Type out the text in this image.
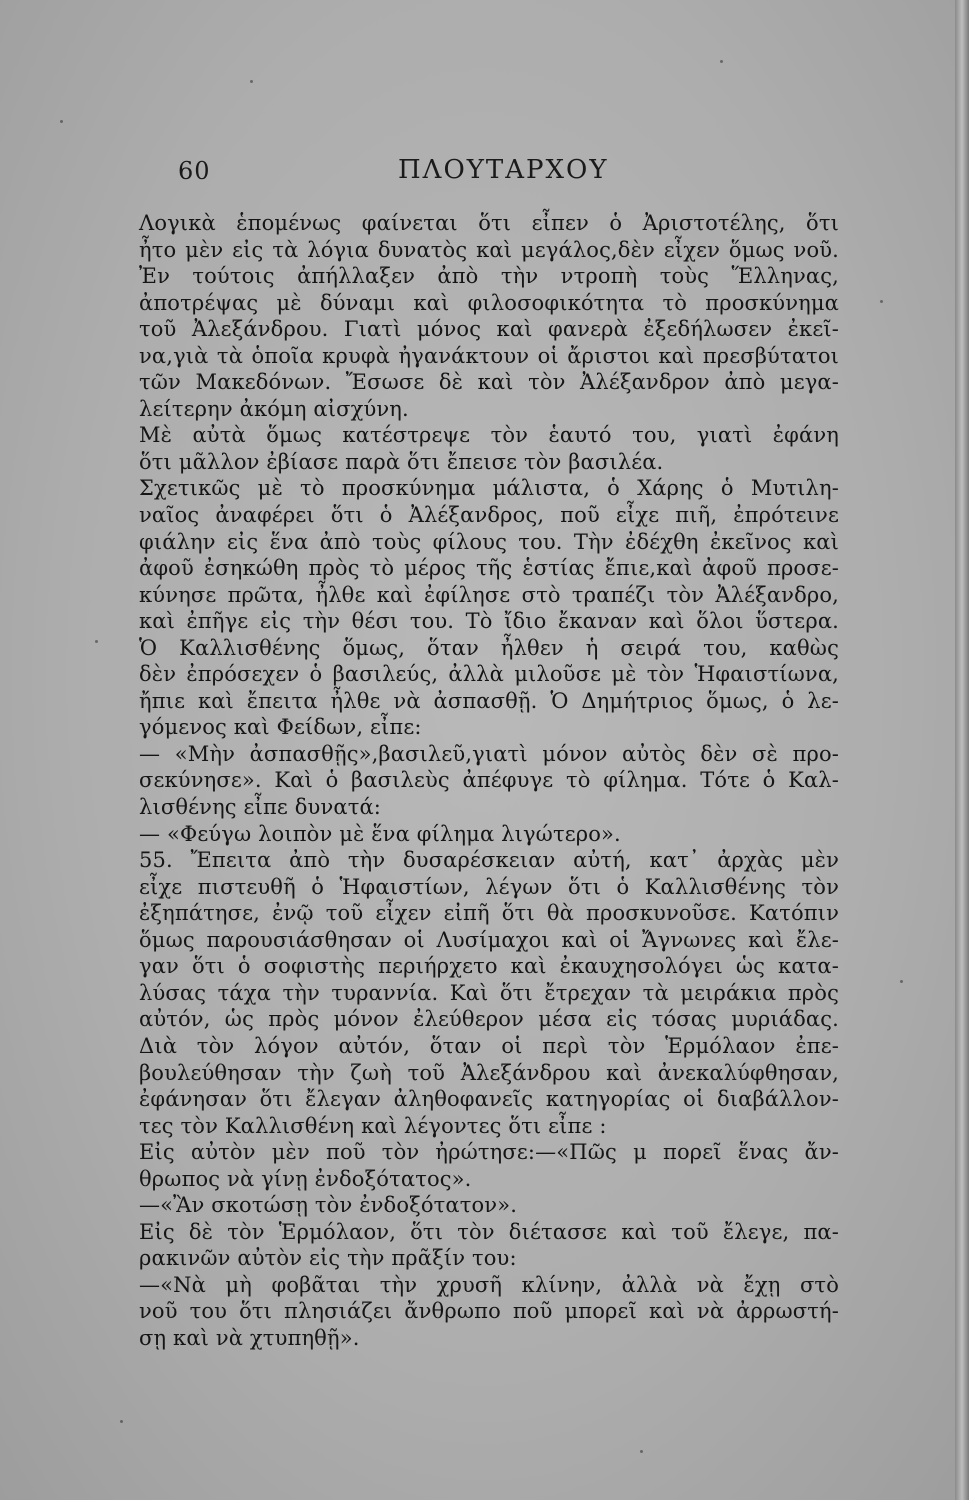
60	ΠΛΟΥΤΑΡΧΟΥ
Λογικὰ ἑπομένως φαίνεται ὅτι εἶπεν ὁ Ἀριστοτέλης, ὅτι
ἦτο μὲν εἰς τὰ λόγια δυνατὸς καὶ μεγάλος,δὲν εἶχεν ὅμως νοῦ.
Ἐν τούτοις ἀπήλλαξεν ἀπὸ τὴν ντροπὴ τοὺς Ἕλληνας,
ἀποτρέψας μὲ δύναμι καὶ φιλοσοφικότητα τὸ προσκύνημα
τοῦ Ἀλεξάνδρου. Γιατὶ μόνος καὶ φανερὰ ἐξεδήλωσεν ἐκεῖ-
να,γιὰ τὰ ὁποῖα κρυφὰ ἠγανάκτουν οἱ ἄριστοι καὶ πρεσβύτατοι
τῶν Μακεδόνων. Ἔσωσε δὲ καὶ τὸν Ἀλέξανδρον ἀπὸ μεγα-
λείτερην ἀκόμη αἰσχύνη.
Μὲ αὐτὰ ὅμως κατέστρεψε τὸν ἑαυτό του, γιατὶ ἐφάνη
ὅτι μᾶλλον ἐβίασε παρὰ ὅτι ἔπεισε τὸν βασιλέα.
Σχετικῶς μὲ τὸ προσκύνημα μάλιστα, ὁ Χάρης ὁ Μυτιλη-
ναῖος ἀναφέρει ὅτι ὁ Ἀλέξανδρος, ποῦ εἶχε πιῆ, ἐπρότεινε
φιάλην εἰς ἕνα ἀπὸ τοὺς φίλους του. Τὴν ἐδέχθη ἐκεῖνος καὶ
ἀφοῦ ἐσηκώθη πρὸς τὸ μέρος τῆς ἑστίας ἔπιε,καὶ ἀφοῦ προσε-
κύνησε πρῶτα, ἦλθε καὶ ἐφίλησε στὸ τραπέζι τὸν Ἀλέξανδρο,
καὶ ἐπῆγε εἰς τὴν θέσι του. Τὸ ἴδιο ἔκαναν καὶ ὅλοι ὕστερα.
Ὁ Καλλισθένης ὅμως, ὅταν ἦλθεν ἡ σειρά του, καθὼς
δὲν ἐπρόσεχεν ὁ βασιλεύς, ἀλλὰ μιλοῦσε μὲ τὸν Ἡφαιστίωνα,
ἤπιε καὶ ἔπειτα ἦλθε νὰ ἀσπασθῇ. Ὁ Δημήτριος ὅμως, ὁ λε-
γόμενος καὶ Φείδων, εἶπε:
— «Μὴν ἀσπασθῇς»,βασιλεῦ,γιατὶ μόνον αὐτὸς δὲν σὲ προ-
σεκύνησε». Καὶ ὁ βασιλεὺς ἀπέφυγε τὸ φίλημα. Τότε ὁ Καλ-
λισθένης εἶπε δυνατά:
— «Φεύγω λοιπὸν μὲ ἕνα φίλημα λιγώτερο».
55. Ἔπειτα ἀπὸ τὴν δυσαρέσκειαν αὐτή, κατ᾿ ἀρχὰς μὲν
εἶχε πιστευθῆ ὁ Ἡφαιστίων, λέγων ὅτι ὁ Καλλισθένης τὸν
ἐξηπάτησε, ἐνῷ τοῦ εἶχεν εἰπῆ ὅτι θὰ προσκυνοῦσε. Κατόπιν
ὅμως παρουσιάσθησαν οἱ Λυσίμαχοι καὶ οἱ Ἄγνωνες καὶ ἔλε-
γαν ὅτι ὁ σοφιστὴς περιήρχετο καὶ ἐκαυχησολόγει ὡς κατα-
λύσας τάχα τὴν τυραννία. Καὶ ὅτι ἔτρεχαν τὰ μειράκια πρὸς
αὐτόν, ὡς πρὸς μόνον ἐλεύθερον μέσα εἰς τόσας μυριάδας.
Διὰ τὸν λόγον αὐτόν, ὅταν οἱ περὶ τὸν Ἑρμόλαον ἐπε-
βουλεύθησαν τὴν ζωὴ τοῦ Ἀλεξάνδρου καὶ ἀνεκαλύφθησαν,
ἐφάνησαν ὅτι ἔλεγαν ἀληθοφανεῖς κατηγορίας οἱ διαβάλλον-
τες τὸν Καλλισθένη καὶ λέγοντες ὅτι εἶπε :
Εἰς αὐτὸν μὲν ποῦ τὸν ἠρώτησε:—«Πῶς μ πορεῖ ἕνας ἄν-
θρωπος νὰ γίνῃ ἐνδοξότατος».
—«Ἂν σκοτώσῃ τὸν ἐνδοξότατον».
Εἰς δὲ τὸν Ἑρμόλαον, ὅτι τὸν διέτασσε καὶ τοῦ ἔλεγε, πα-
ρακινῶν αὐτὸν εἰς τὴν πρᾶξίν του:
—«Νὰ μὴ φοβᾶται τὴν χρυσῆ κλίνην, ἀλλὰ νὰ ἔχῃ στὸ
νοῦ του ὅτι πλησιάζει ἄνθρωπο ποῦ μπορεῖ καὶ νὰ ἀρρωστή-
σῃ καὶ νὰ χτυπηθῇ».
